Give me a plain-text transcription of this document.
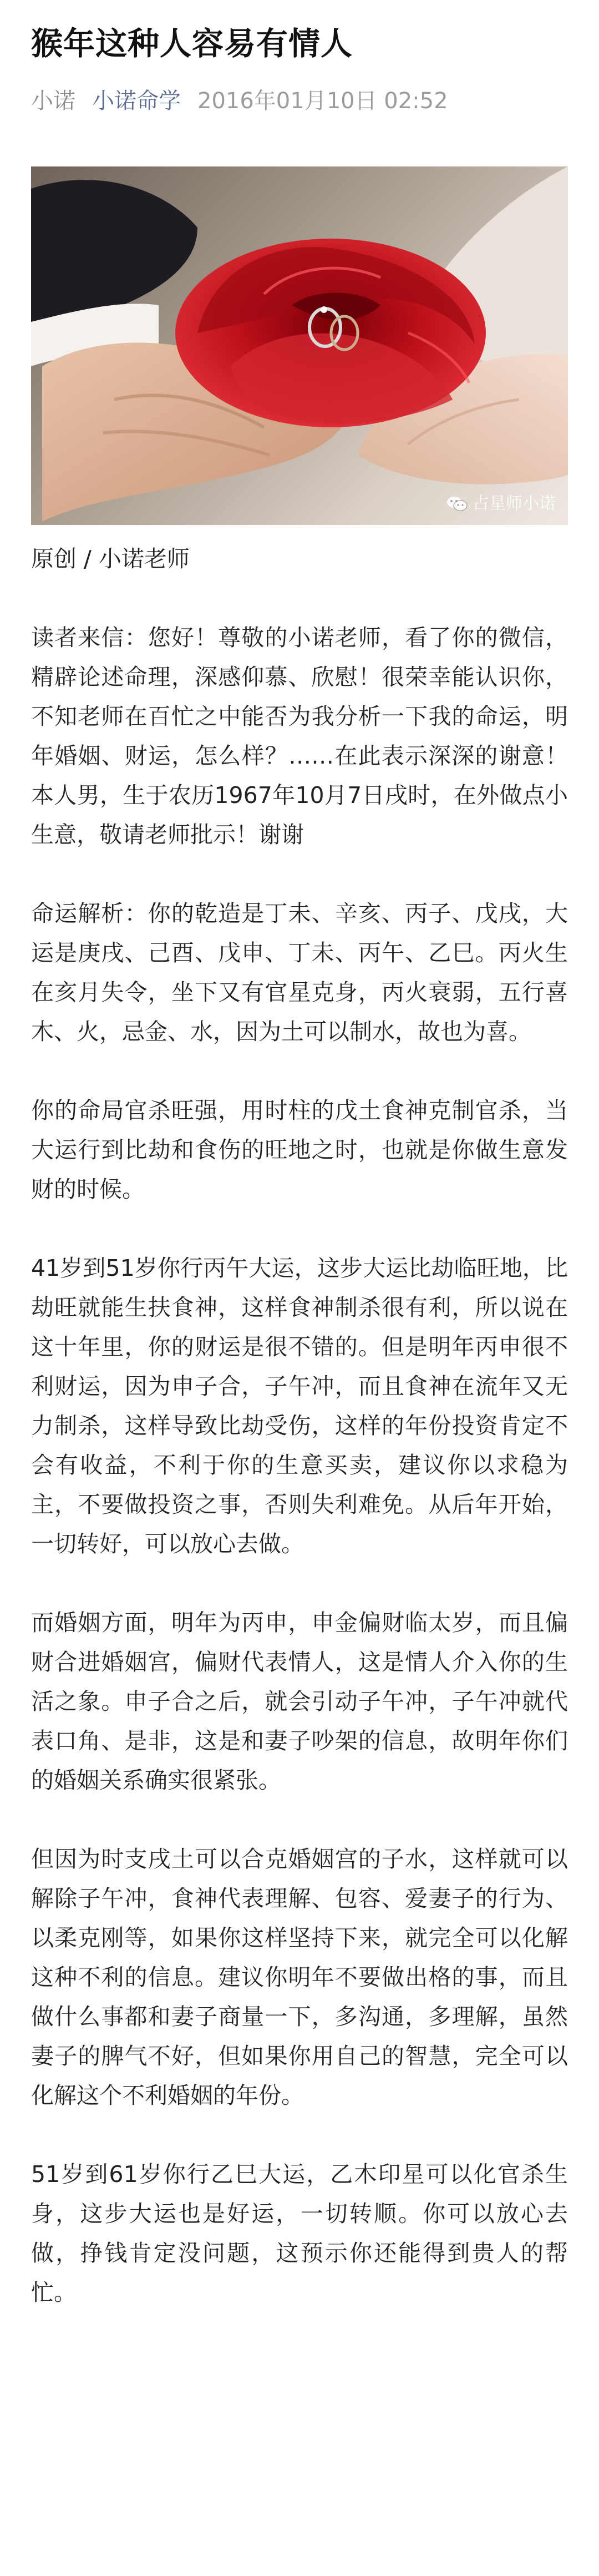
猴年这种人容易有情人
小诺 小诺命学 2016年01月10日 02:52
占星师小诺

原创 / 小诺老师

读者来信：您好！尊敬的小诺老师，看了你的微信，精辟论述命理，深感仰慕、欣慰！很荣幸能认识你，不知老师在百忙之中能否为我分析一下我的命运，明年婚姻、财运，怎么样？……在此表示深深的谢意！本人男，生于农历1967年10月7日戌时，在外做点小生意，敬请老师批示！谢谢

命运解析：你的乾造是丁未、辛亥、丙子、戊戌，大运是庚戌、己酉、戊申、丁未、丙午、乙巳。丙火生在亥月失令，坐下又有官星克身，丙火衰弱，五行喜木、火，忌金、水，因为土可以制水，故也为喜。

你的命局官杀旺强，用时柱的戊土食神克制官杀，当大运行到比劫和食伤的旺地之时，也就是你做生意发财的时候。

41岁到51岁你行丙午大运，这步大运比劫临旺地，比劫旺就能生扶食神，这样食神制杀很有利，所以说在这十年里，你的财运是很不错的。但是明年丙申很不利财运，因为申子合，子午冲，而且食神在流年又无力制杀，这样导致比劫受伤，这样的年份投资肯定不会有收益，不利于你的生意买卖，建议你以求稳为主，不要做投资之事，否则失利难免。从后年开始，一切转好，可以放心去做。

而婚姻方面，明年为丙申，申金偏财临太岁，而且偏财合进婚姻宫，偏财代表情人，这是情人介入你的生活之象。申子合之后，就会引动子午冲，子午冲就代表口角、是非，这是和妻子吵架的信息，故明年你们的婚姻关系确实很紧张。

但因为时支戌土可以合克婚姻宫的子水，这样就可以解除子午冲，食神代表理解、包容、爱妻子的行为、以柔克刚等，如果你这样坚持下来，就完全可以化解这种不利的信息。建议你明年不要做出格的事，而且做什么事都和妻子商量一下，多沟通，多理解，虽然妻子的脾气不好，但如果你用自己的智慧，完全可以化解这个不利婚姻的年份。

51岁到61岁你行乙巳大运，乙木印星可以化官杀生身，这步大运也是好运，一切转顺。你可以放心去做，挣钱肯定没问题，这预示你还能得到贵人的帮忙。
